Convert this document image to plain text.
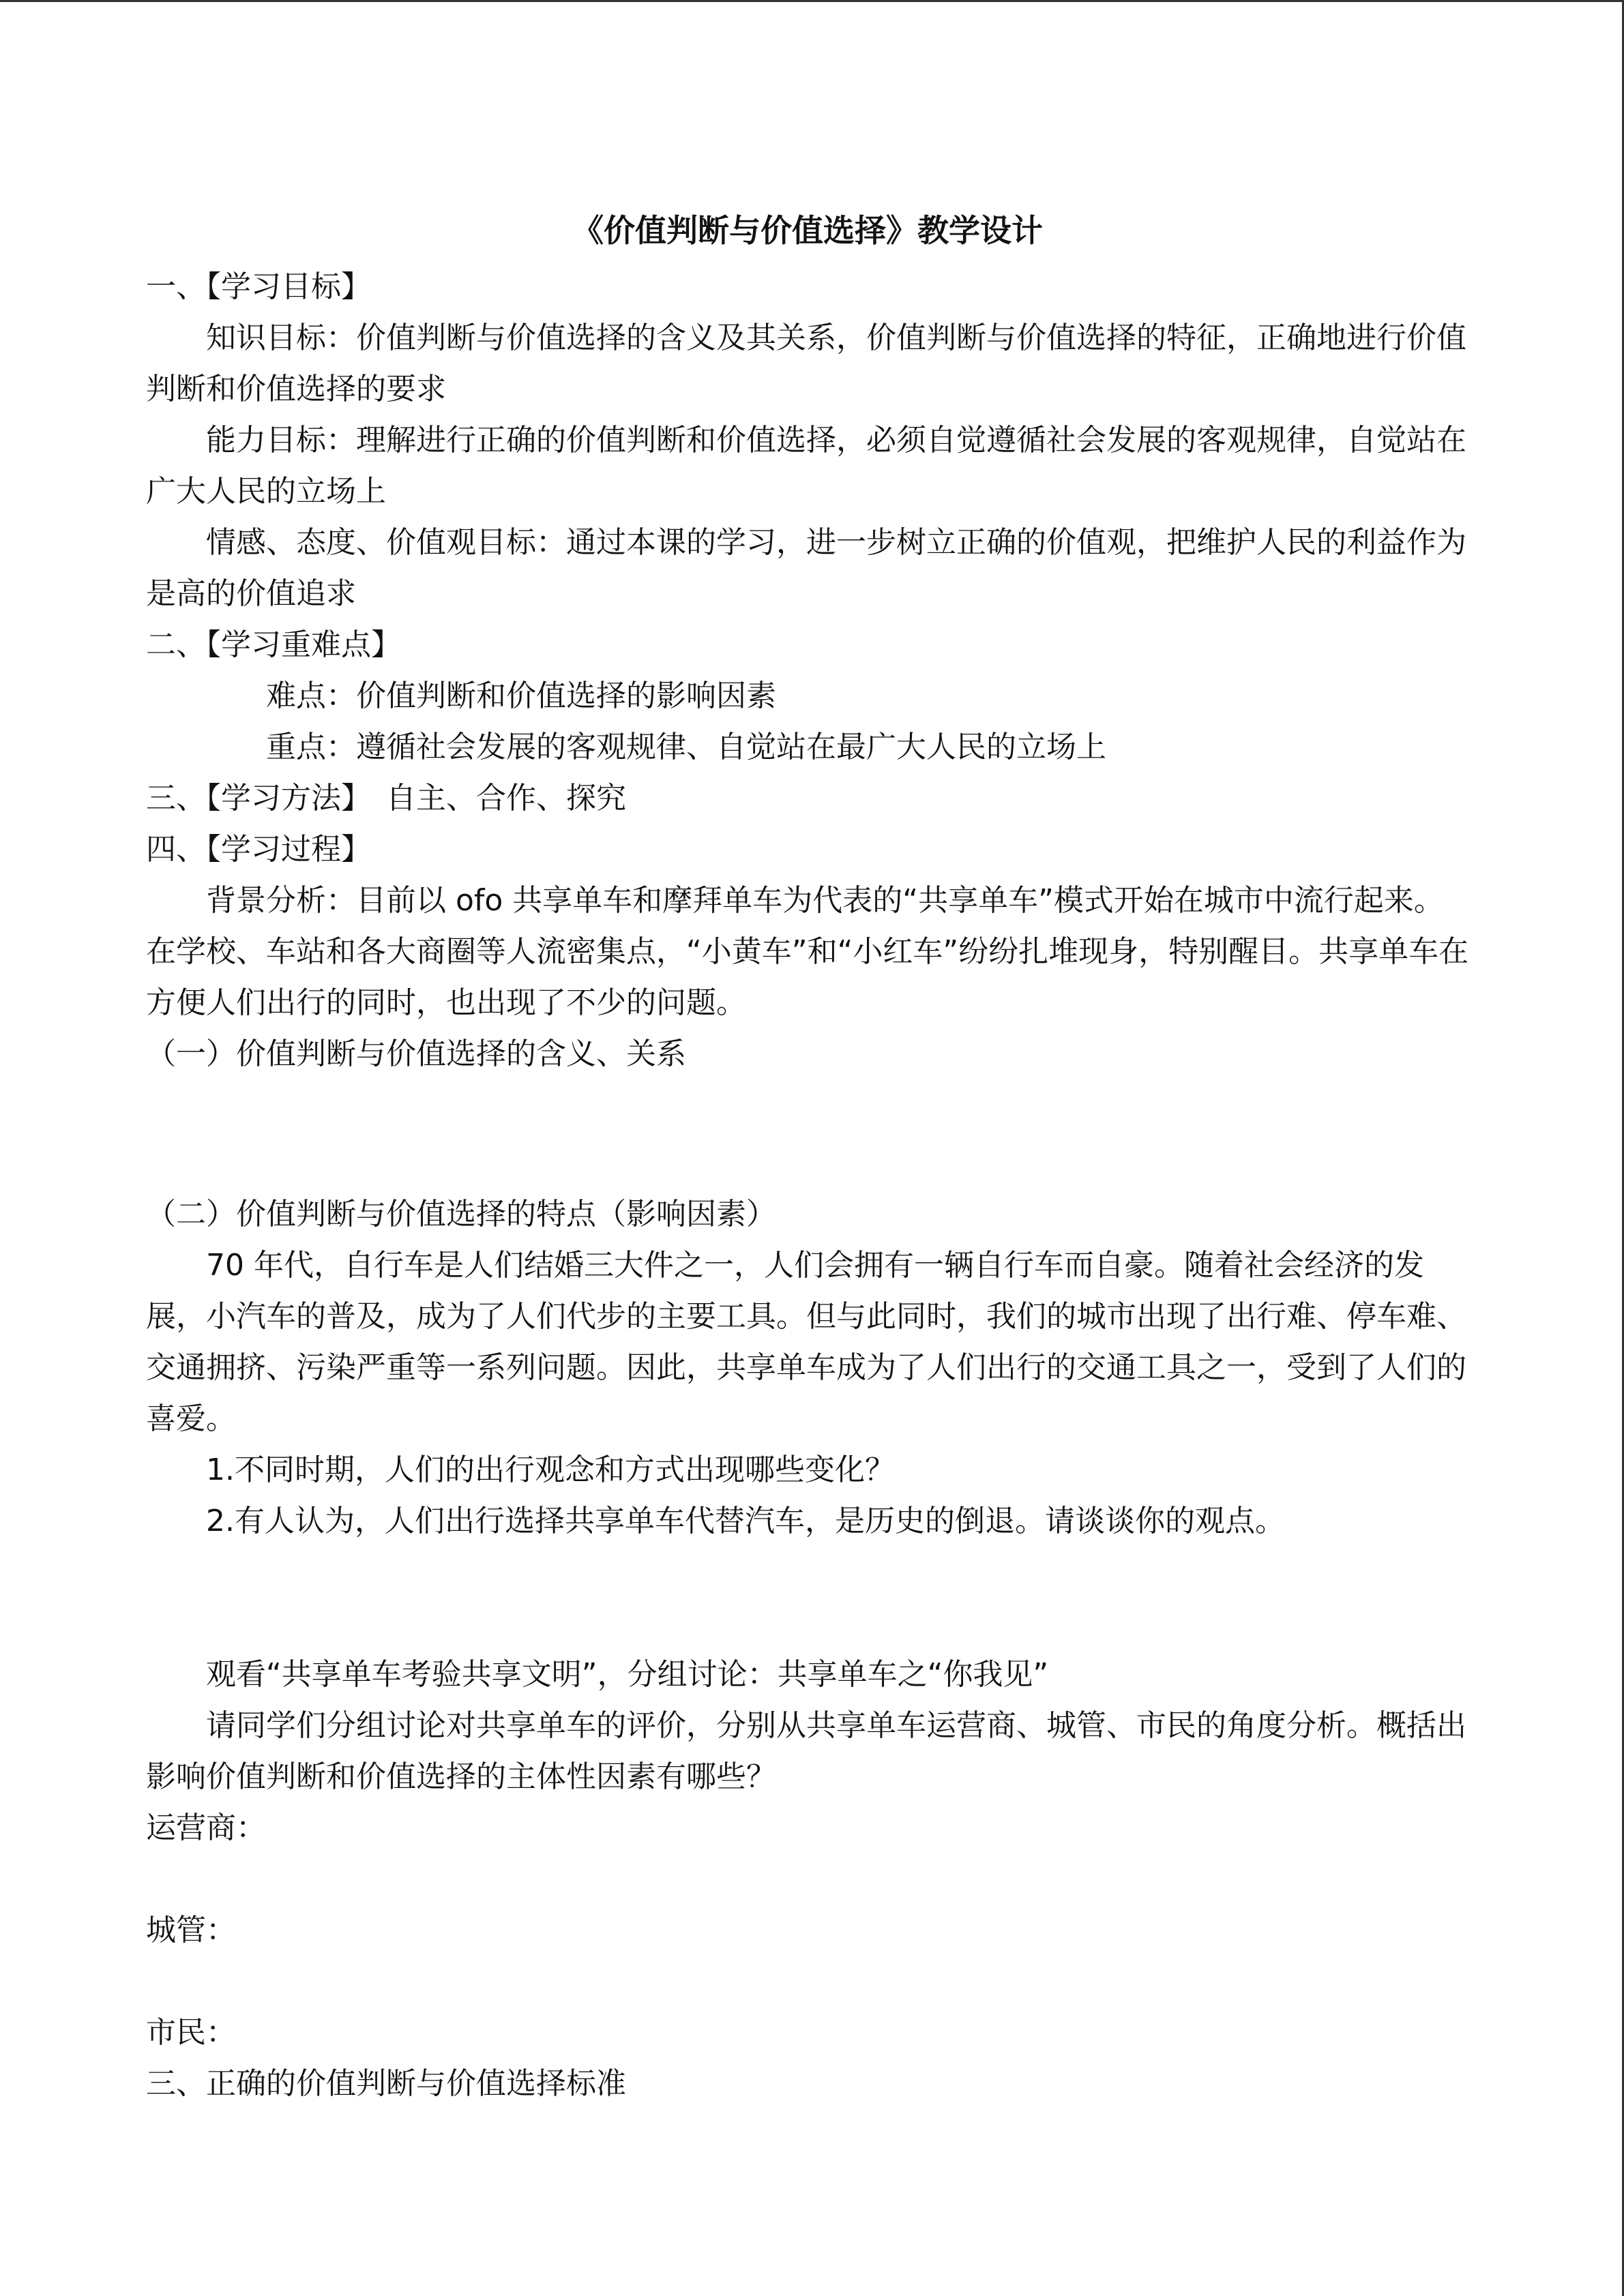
《价值判断与价值选择》教学设计

一、【学习目标】

知识目标：价值判断与价值选择的含义及其关系，价值判断与价值选择的特征，正确地进行价值判断和价值选择的要求

能力目标：理解进行正确的价值判断和价值选择，必须自觉遵循社会发展的客观规律，自觉站在广大人民的立场上

情感、态度、价值观目标：通过本课的学习，进一步树立正确的价值观，把维护人民的利益作为是高的价值追求

二、【学习重难点】

难点：价值判断和价值选择的影响因素

重点：遵循社会发展的客观规律、自觉站在最广大人民的立场上

三、【学习方法】　自主、合作、探究

四、【学习过程】

背景分析：目前以 ofo 共享单车和摩拜单车为代表的“共享单车”模式开始在城市中流行起来。在学校、车站和各大商圈等人流密集点，“小黄车”和“小红车”纷纷扎堆现身，特别醒目。共享单车在方便人们出行的同时，也出现了不少的问题。

（一）价值判断与价值选择的含义、关系

（二）价值判断与价值选择的特点（影响因素）

70 年代，自行车是人们结婚三大件之一，人们会拥有一辆自行车而自豪。随着社会经济的发展，小汽车的普及，成为了人们代步的主要工具。但与此同时，我们的城市出现了出行难、停车难、交通拥挤、污染严重等一系列问题。因此，共享单车成为了人们出行的交通工具之一，受到了人们的喜爱。

1.不同时期，人们的出行观念和方式出现哪些变化？

2.有人认为，人们出行选择共享单车代替汽车，是历史的倒退。请谈谈你的观点。

观看“共享单车考验共享文明”，分组讨论：共享单车之“你我见”

请同学们分组讨论对共享单车的评价，分别从共享单车运营商、城管、市民的角度分析。概括出影响价值判断和价值选择的主体性因素有哪些？

运营商：

城管：

市民：

三、正确的价值判断与价值选择标准
